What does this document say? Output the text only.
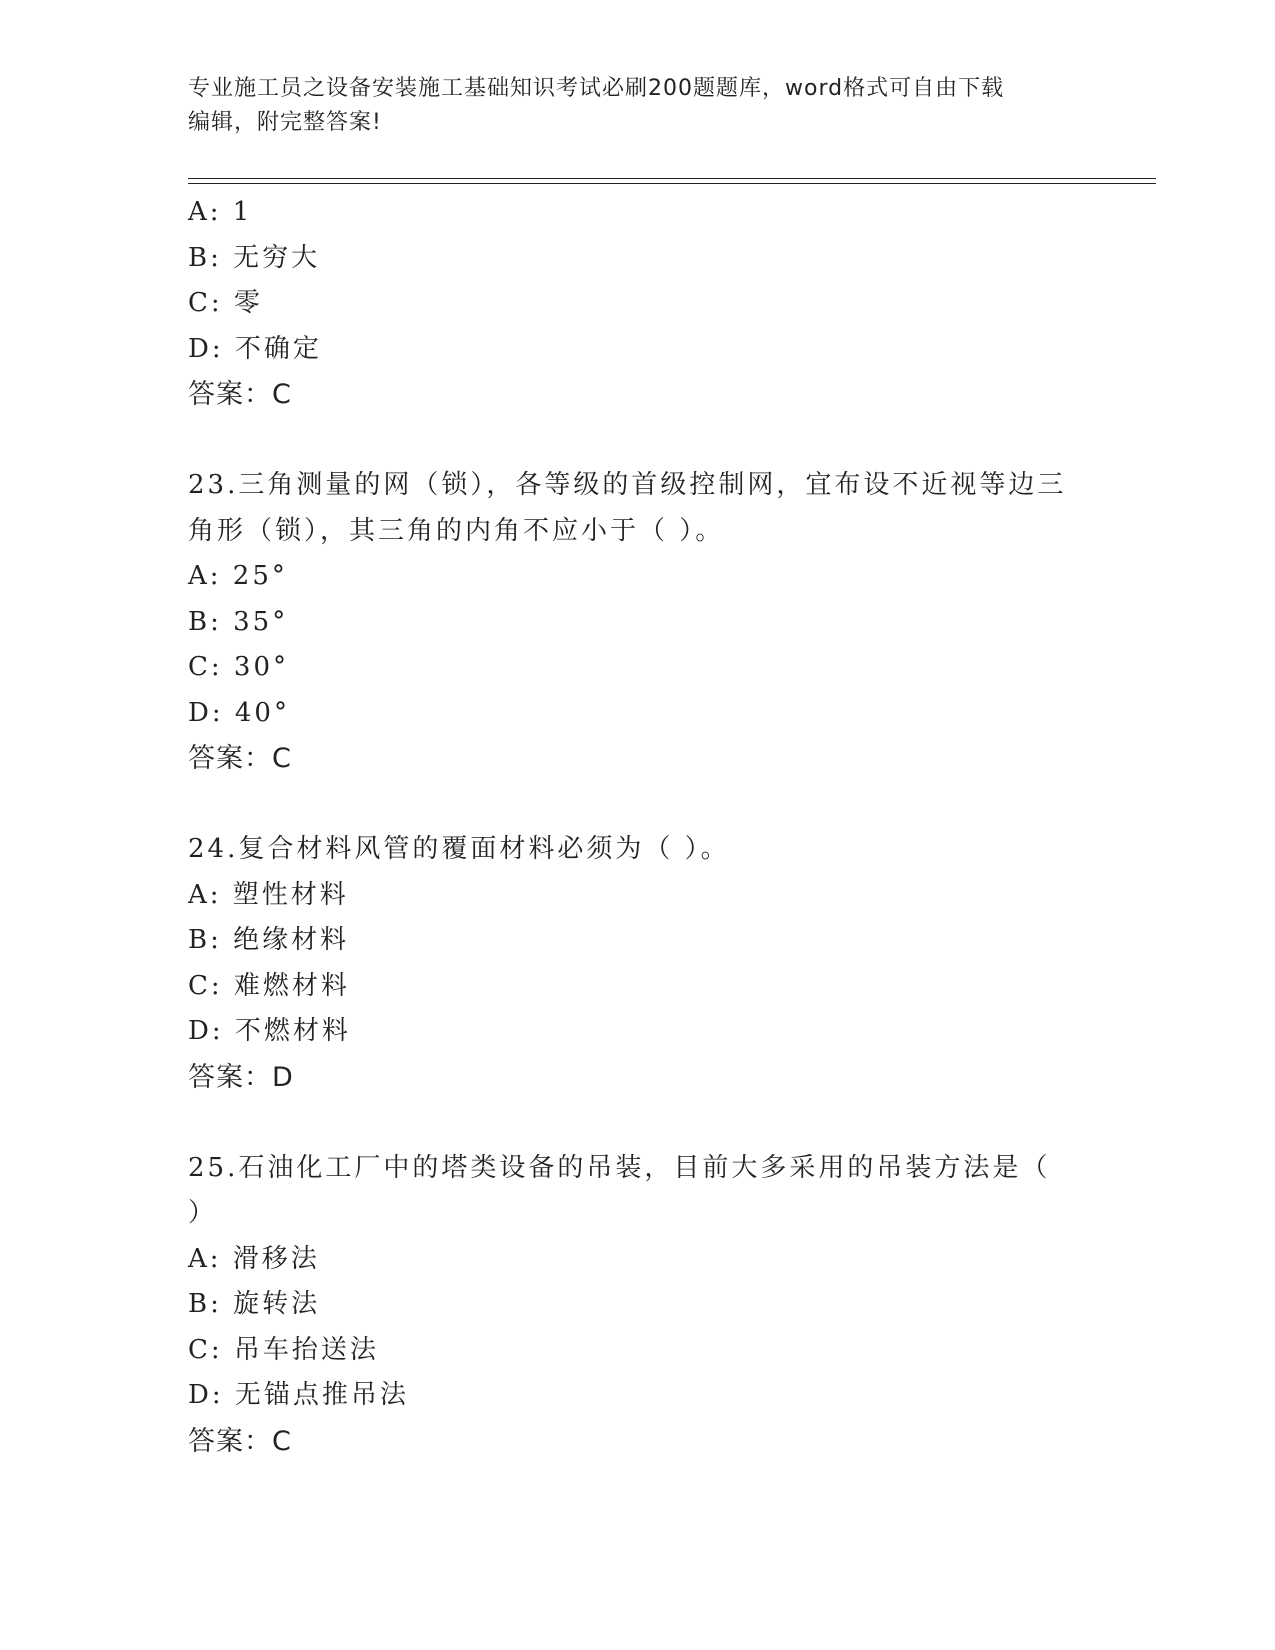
专业施工员之设备安装施工基础知识考试必刷200题题库，word格式可自由下载
编辑，附完整答案!
A: 1
B: 无穷大
C: 零
D: 不确定
答案：C
23.三角测量的网（锁），各等级的首级控制网，宜布设不近视等边三
角形（锁），其三角的内角不应小于（ ）。
A: 25°
B: 35°
C: 30°
D: 40°
答案：C
24.复合材料风管的覆面材料必须为（ ）。
A: 塑性材料
B: 绝缘材料
C: 难燃材料
D: 不燃材料
答案：D
25.石油化工厂中的塔类设备的吊装，目前大多采用的吊装方法是（
）
A: 滑移法
B: 旋转法
C: 吊车抬送法
D: 无锚点推吊法
答案：C
